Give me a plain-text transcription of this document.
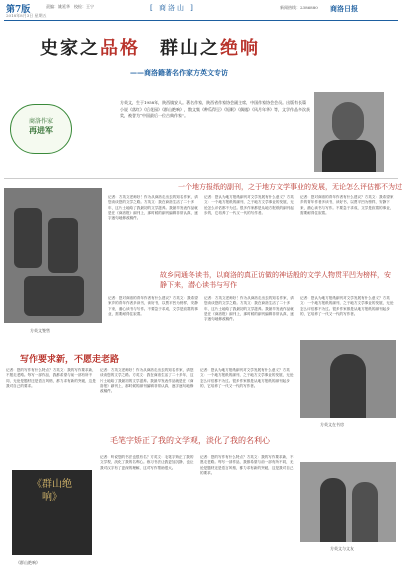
第7版
2018年8月3日 星期五
责编：姚延华　校检：王宁	[ 商洛山 ]	新闻热线：2386880 商洛日报
史家之品格　群山之绝响
——商洛籍著名作家方英文专访
商洛作家
再进军
方英文，生于1958年，陕西镇安人。著名作家，陕西省作家协会副主席，中国作家协会会员。出版有长篇小说《落红》《后花园》《群山绝响》，散文集《种瓜得豆》《短眠》《偶遇》《风月年华》等，文学作品多次获奖，被誉为“中国最后一位古典作家”。
一个地方报纸的副刊，之于地方文学事业的发展，无论怎么评估都不为过
方英文签售
记者：方英文老师好！作为从商洛走出去的知名作家，请您谈谈您的文学之路。方英文：我在商洛生活了二十多年，这片土地给了我最初的文学滋养。我最早发表作品就是在《商洛报》副刊上，那时候的副刊编辑非常认真，逐字逐句地修改稿件。
记者：您认为地方报纸副刊对文学发展有什么意义？方英文：一个地方报纸的副刊，之于地方文学事业的发展，无论怎么评估都不为过。很多作家都是从地方报纸的副刊起步的，它培养了一代又一代的写作者。
记者：您对商洛的青年作者有什么建议？方英文：我希望家乡的青年作者多读书，读好书，以贾平凹为榜样，安静下来，潜心读书与写作。不要急于求成，文学是寂寞的事业，需要耐得住寂寞。
故乡同通冬读书，以商洛的真正访做的神话般的文学人物贯平凹为榜样，安静下来，潜心读书与写作
记者：您对商洛的青年作者有什么建议？方英文：我希望家乡的青年作者多读书，读好书，以贾平凹为榜样，安静下来，潜心读书与写作。不要急于求成，文学是寂寞的事业，需要耐得住寂寞。
记者：方英文老师好！作为从商洛走出去的知名作家，请您谈谈您的文学之路。方英文：我在商洛生活了二十多年，这片土地给了我最初的文学滋养。我最早发表作品就是在《商洛报》副刊上，那时候的副刊编辑非常认真，逐字逐句地修改稿件。
记者：您认为地方报纸副刊对文学发展有什么意义？方英文：一个地方报纸的副刊，之于地方文学事业的发展，无论怎么评估都不为过。很多作家都是从地方报纸的副刊起步的，它培养了一代又一代的写作者。
写作要求新，不愿走老路
记者：您的写作有什么特点？方英文：我的写作要求新，不愿走老路。每写一部作品，我都希望与前一部有所不同，无论是题材还是语言风格，都力求有新的突破，这是我对自己的要求。
记者：方英文老师好！作为从商洛走出去的知名作家，请您谈谈您的文学之路。方英文：我在商洛生活了二十多年，这片土地给了我最初的文学滋养。我最早发表作品就是在《商洛报》副刊上，那时候的副刊编辑非常认真，逐字逐句地修改稿件。
记者：您认为地方报纸副刊对文学发展有什么意义？方英文：一个地方报纸的副刊，之于地方文学事业的发展，无论怎么评估都不为过。很多作家都是从地方报纸的副刊起步的，它培养了一代又一代的写作者。
方英文在书房
毛笔字矫正了我的文学观，淡化了我的名利心
《群山绝响》
《群山绝响》
记者：听说您的书法也很有名？方英文：毛笔字矫正了我的文学观，淡化了我的名利心。练习书法让我更加沉静，也让我对汉字有了更深的理解，这对写作帮助很大。
记者：您的写作有什么特点？方英文：我的写作要求新，不愿走老路。每写一部作品，我都希望与前一部有所不同，无论是题材还是语言风格，都力求有新的突破，这是我对自己的要求。
方英文与文友
